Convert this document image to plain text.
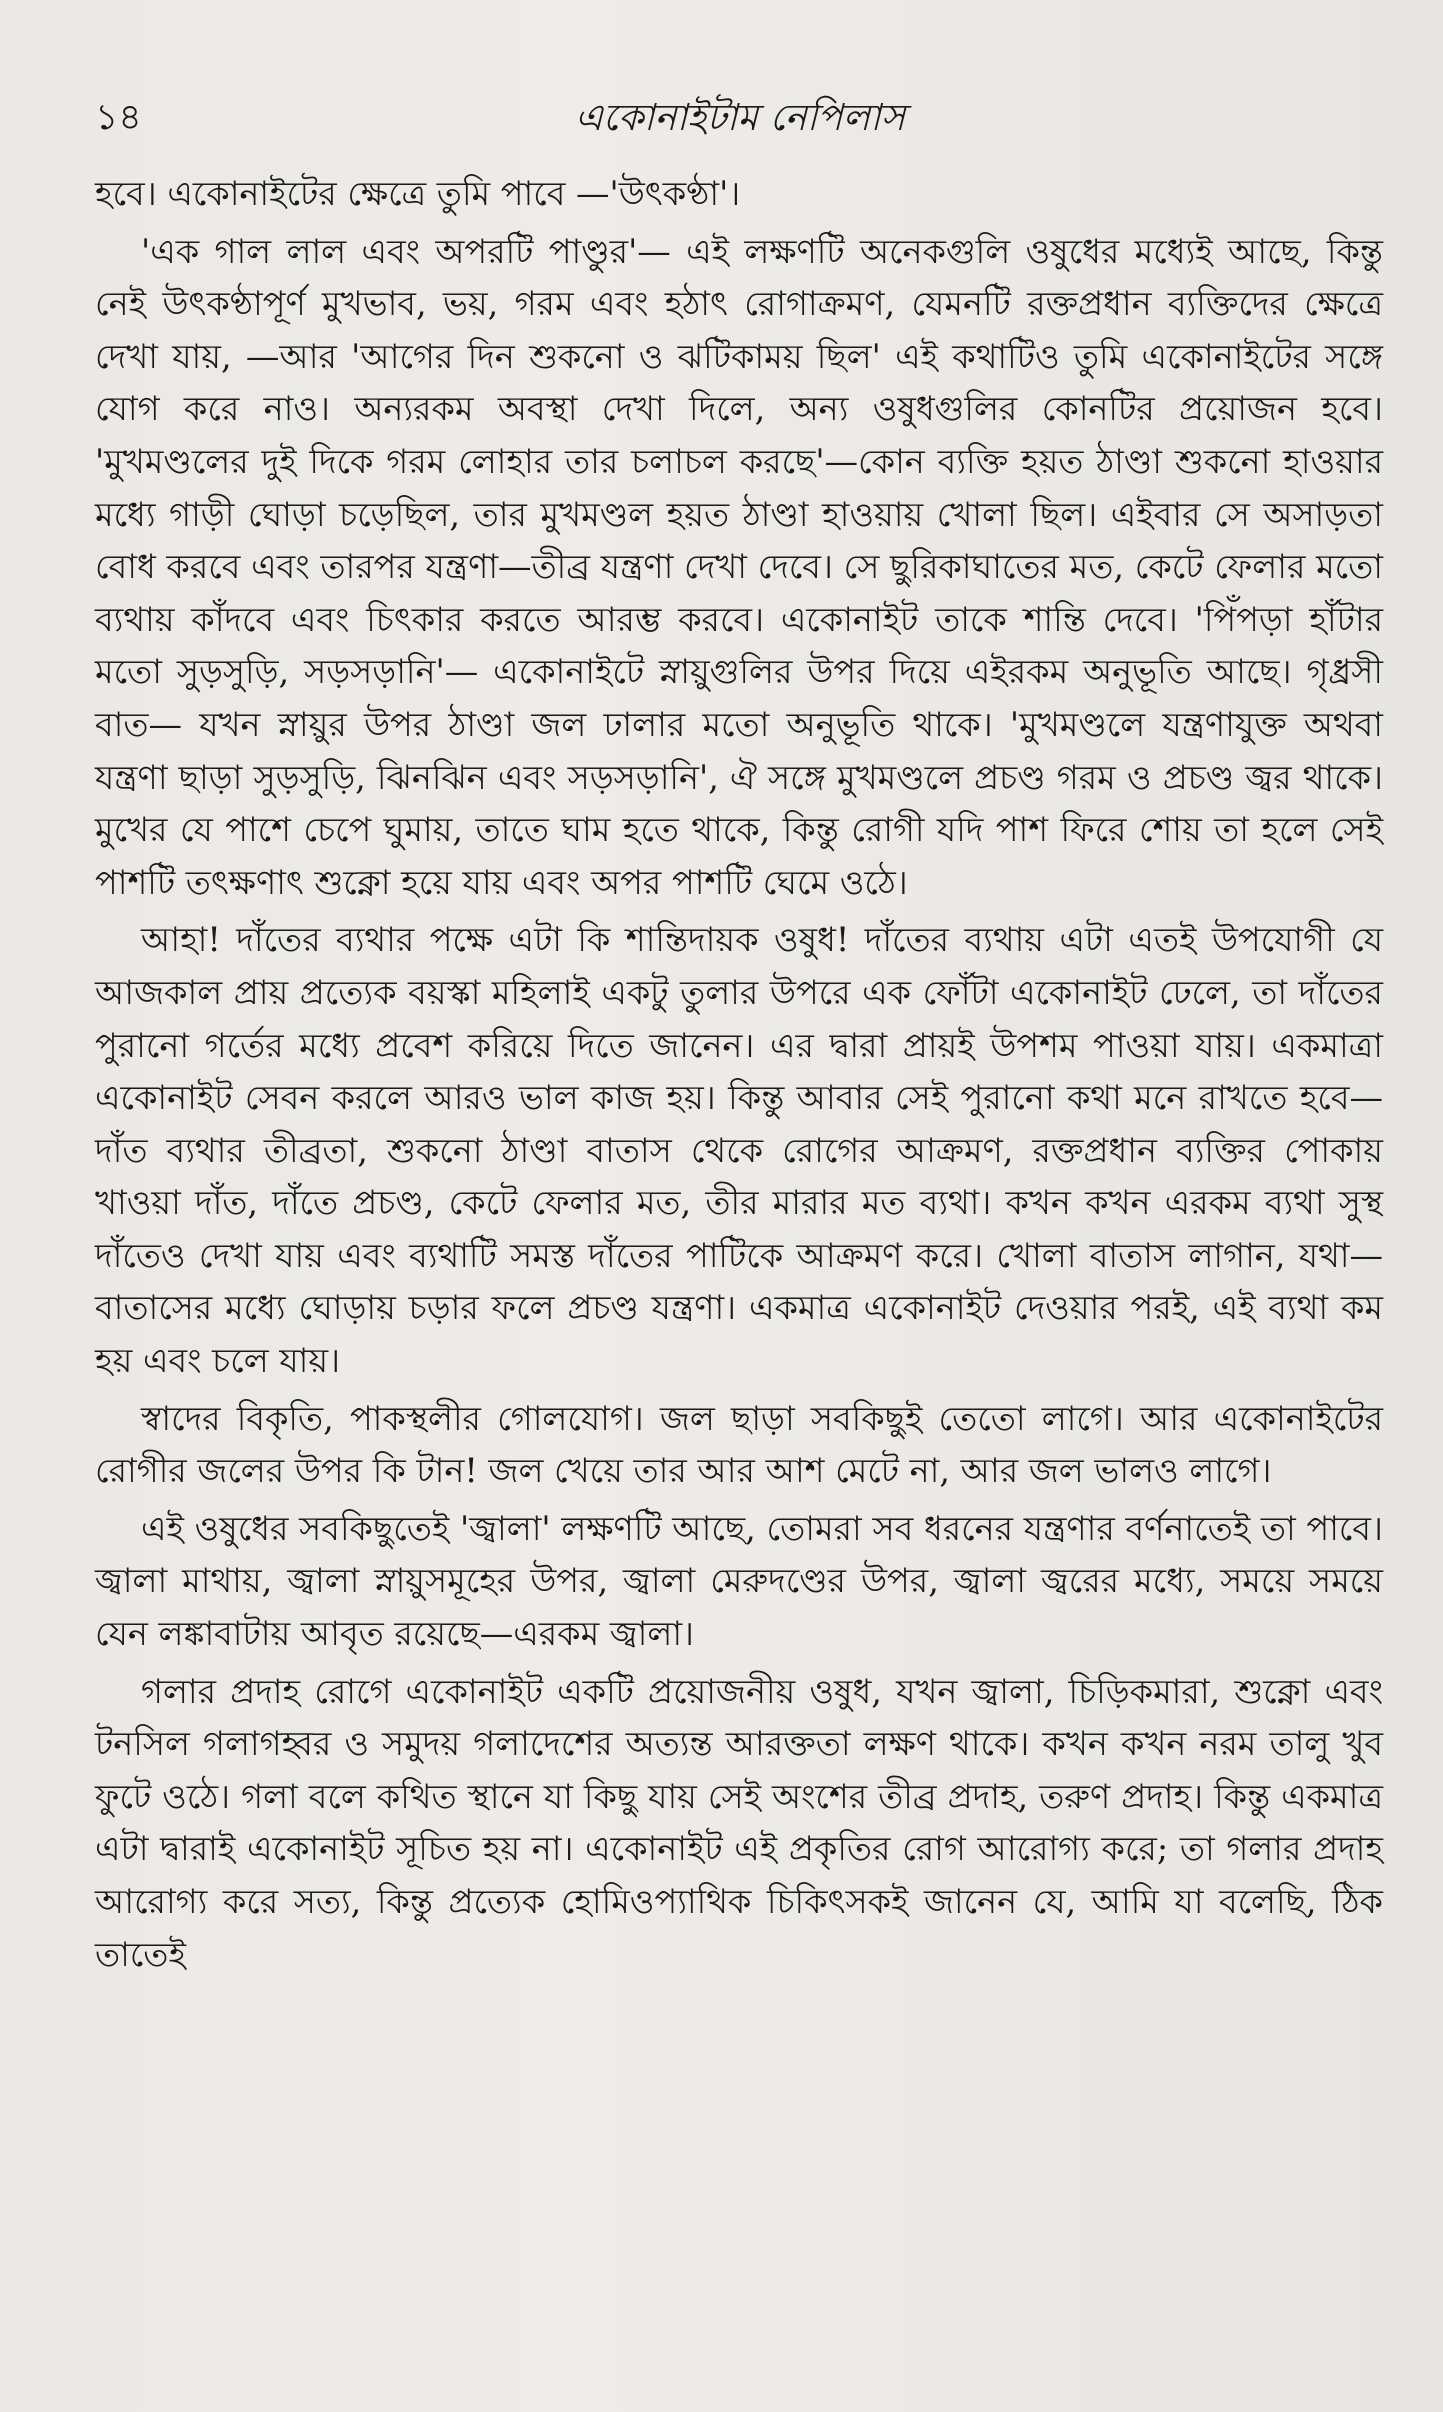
১৪	একোনাইটাম নেপিলাস

হবে। একোনাইটের ক্ষেত্রে তুমি পাবে —'উৎকণ্ঠা'।

'এক গাল লাল এবং অপরটি পাণ্ডুর'— এই লক্ষণটি অনেকগুলি ওষুধের মধ্যেই আছে, কিন্তু নেই উৎকণ্ঠাপূর্ণ মুখভাব, ভয়, গরম এবং হঠাৎ রোগাক্রমণ, যেমনটি রক্তপ্রধান ব্যক্তিদের ক্ষেত্রে দেখা যায়, —আর 'আগের দিন শুকনো ও ঝটিকাময় ছিল' এই কথাটিও তুমি একোনাইটের সঙ্গে যোগ করে নাও। অন্যরকম অবস্থা দেখা দিলে, অন্য ওষুধগুলির কোনটির প্রয়োজন হবে। 'মুখমণ্ডলের দুই দিকে গরম লোহার তার চলাচল করছে'—কোন ব্যক্তি হয়ত ঠাণ্ডা শুকনো হাওয়ার মধ্যে গাড়ী ঘোড়া চড়েছিল, তার মুখমণ্ডল হয়ত ঠাণ্ডা হাওয়ায় খোলা ছিল। এইবার সে অসাড়তা বোধ করবে এবং তারপর যন্ত্রণা—তীব্র যন্ত্রণা দেখা দেবে। সে ছুরিকাঘাতের মত, কেটে ফেলার মতো ব্যথায় কাঁদবে এবং চিৎকার করতে আরম্ভ করবে। একোনাইট তাকে শান্তি দেবে। 'পিঁপড়া হাঁটার মতো সুড়সুড়ি, সড়সড়ানি'— একোনাইটে স্নায়ুগুলির উপর দিয়ে এইরকম অনুভূতি আছে। গৃধ্রসী বাত— যখন স্নায়ুর উপর ঠাণ্ডা জল ঢালার মতো অনুভূতি থাকে। 'মুখমণ্ডলে যন্ত্রণাযুক্ত অথবা যন্ত্রণা ছাড়া সুড়সুড়ি, ঝিনঝিন এবং সড়সড়ানি', ঐ সঙ্গে মুখমণ্ডলে প্রচণ্ড গরম ও প্রচণ্ড জ্বর থাকে। মুখের যে পাশে চেপে ঘুমায়, তাতে ঘাম হতে থাকে, কিন্তু রোগী যদি পাশ ফিরে শোয় তা হলে সেই পাশটি তৎক্ষণাৎ শুক্নো হয়ে যায় এবং অপর পাশটি ঘেমে ওঠে।

আহা! দাঁতের ব্যথার পক্ষে এটা কি শান্তিদায়ক ওষুধ! দাঁতের ব্যথায় এটা এতই উপযোগী যে আজকাল প্রায় প্রত্যেক বয়স্কা মহিলাই একটু তুলার উপরে এক ফোঁটা একোনাইট ঢেলে, তা দাঁতের পুরানো গর্তের মধ্যে প্রবেশ করিয়ে দিতে জানেন। এর দ্বারা প্রায়ই উপশম পাওয়া যায়। একমাত্রা একোনাইট সেবন করলে আরও ভাল কাজ হয়। কিন্তু আবার সেই পুরানো কথা মনে রাখতে হবে—দাঁত ব্যথার তীব্রতা, শুকনো ঠাণ্ডা বাতাস থেকে রোগের আক্রমণ, রক্তপ্রধান ব্যক্তির পোকায় খাওয়া দাঁত, দাঁতে প্রচণ্ড, কেটে ফেলার মত, তীর মারার মত ব্যথা। কখন কখন এরকম ব্যথা সুস্থ দাঁতেও দেখা যায় এবং ব্যথাটি সমস্ত দাঁতের পাটিকে আক্রমণ করে। খোলা বাতাস লাগান, যথা—বাতাসের মধ্যে ঘোড়ায় চড়ার ফলে প্রচণ্ড যন্ত্রণা। একমাত্র একোনাইট দেওয়ার পরই, এই ব্যথা কম হয় এবং চলে যায়।

স্বাদের বিকৃতি, পাকস্থলীর গোলযোগ। জল ছাড়া সবকিছুই তেতো লাগে। আর একোনাইটের রোগীর জলের উপর কি টান! জল খেয়ে তার আর আশ মেটে না, আর জল ভালও লাগে।

এই ওষুধের সবকিছুতেই 'জ্বালা' লক্ষণটি আছে, তোমরা সব ধরনের যন্ত্রণার বর্ণনাতেই তা পাবে। জ্বালা মাথায়, জ্বালা স্নায়ুসমূহের উপর, জ্বালা মেরুদণ্ডের উপর, জ্বালা জ্বরের মধ্যে, সময়ে সময়ে যেন লঙ্কাবাটায় আবৃত রয়েছে—এরকম জ্বালা।

গলার প্রদাহ রোগে একোনাইট একটি প্রয়োজনীয় ওষুধ, যখন জ্বালা, চিড়িকমারা, শুক্নো এবং টনসিল গলাগহ্বর ও সমুদয় গলাদেশের অত্যন্ত আরক্ততা লক্ষণ থাকে। কখন কখন নরম তালু খুব ফুটে ওঠে। গলা বলে কথিত স্থানে যা কিছু যায় সেই অংশের তীব্র প্রদাহ, তরুণ প্রদাহ। কিন্তু একমাত্র এটা দ্বারাই একোনাইট সূচিত হয় না। একোনাইট এই প্রকৃতির রোগ আরোগ্য করে; তা গলার প্রদাহ আরোগ্য করে সত্য, কিন্তু প্রত্যেক হোমিওপ্যাথিক চিকিৎসকই জানেন যে, আমি যা বলেছি, ঠিক তাতেই
